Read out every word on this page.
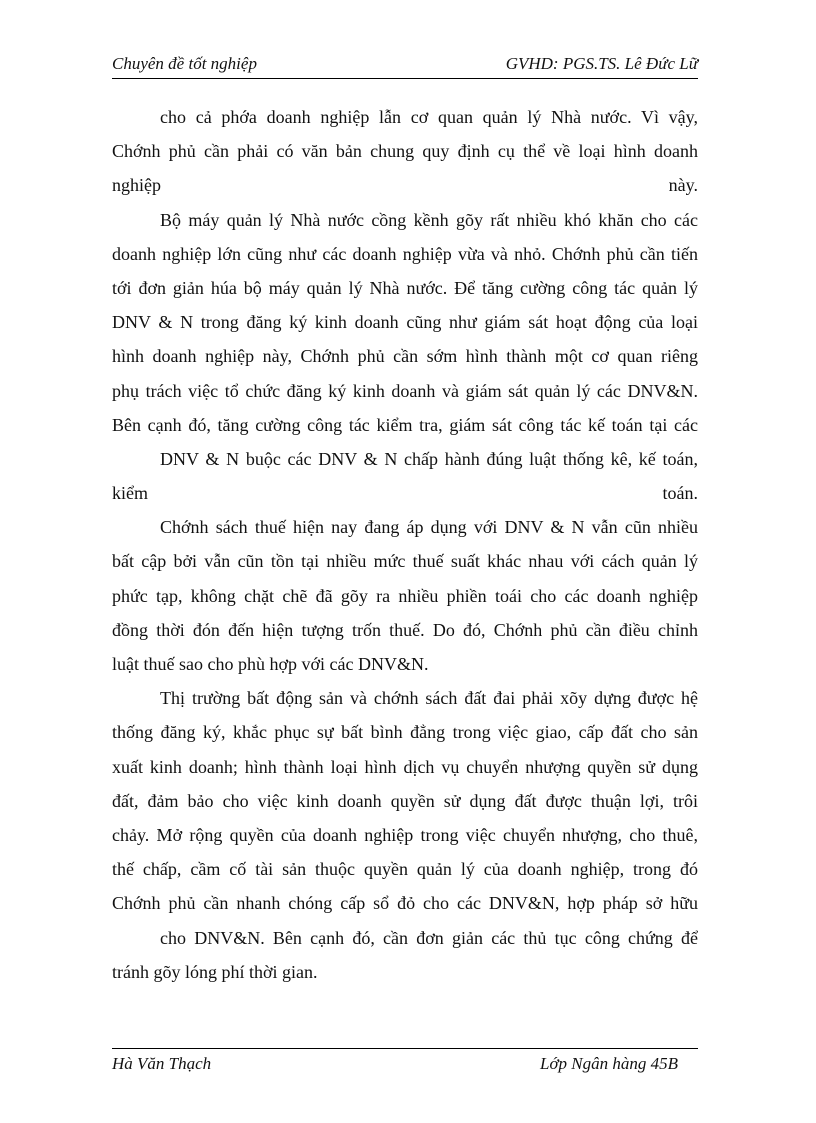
Chuyên đề tốt nghiệp	GVHD: PGS.TS. Lê Đức Lữ
cho cả phớa doanh nghiệp lẫn cơ quan quản lý Nhà nước. Vì vậy,
Chớnh phủ cần phải có văn bản chung quy định cụ thể về loại hình doanh
nghiệp này.
Bộ máy quản lý Nhà nước cồng kềnh gõy rất nhiều khó khăn cho các
doanh nghiệp lớn cũng như các doanh nghiệp vừa và nhỏ. Chớnh phủ cần tiến
tới đơn giản húa bộ máy quản lý Nhà nước. Để tăng cường công tác quản lý
DNV & N trong đăng ký kinh doanh cũng như giám sát hoạt động của loại
hình doanh nghiệp này, Chớnh phủ cần sớm hình thành một cơ quan riêng
phụ trách việc tổ chức đăng ký kinh doanh và giám sát quản lý các DNV&N.
Bên cạnh đó, tăng cường công tác kiểm tra, giám sát công tác kế toán tại các
DNV & N buộc các DNV & N chấp hành đúng luật thống kê, kế toán,
kiểm toán.
Chớnh sách thuế hiện nay đang áp dụng với DNV & N vẫn cũn nhiều
bất cập bởi vẫn cũn tồn tại nhiều mức thuế suất khác nhau với cách quản lý
phức tạp, không chặt chẽ đã gõy ra nhiều phiền toái cho các doanh nghiệp
đồng thời đón đến hiện tượng trốn thuế. Do đó, Chớnh phủ cần điều chỉnh
luật thuế sao cho phù hợp với các DNV&N.
Thị trường bất động sản và chớnh sách đất đai phải xõy dựng được hệ
thống đăng ký, khắc phục sự bất bình đẳng trong việc giao, cấp đất cho sản
xuất kinh doanh; hình thành loại hình dịch vụ chuyển nhượng quyền sử dụng
đất, đảm bảo cho việc kinh doanh quyền sử dụng đất được thuận lợi, trôi
chảy. Mở rộng quyền của doanh nghiệp trong việc chuyển nhượng, cho thuê,
thế chấp, cầm cố tài sản thuộc quyền quản lý của doanh nghiệp, trong đó
Chớnh phủ cần nhanh chóng cấp sổ đỏ cho các DNV&N, hợp pháp sở hữu
cho DNV&N. Bên cạnh đó, cần đơn giản các thủ tục công chứng để
tránh gõy lóng phí thời gian.
Hà Văn Thạch	Lớp Ngân hàng 45B
